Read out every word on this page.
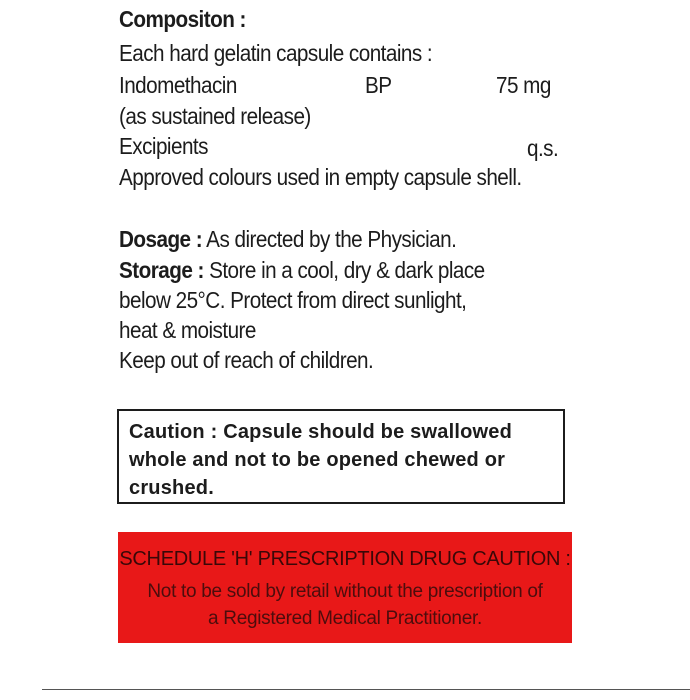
Compositon :

Each hard gelatin capsule contains :

Indomethacin	BP	75 mg

(as sustained release)

Excipients	q.s.

Approved colours used in empty capsule shell.

Dosage : As directed by the Physician.

Storage : Store in a cool, dry & dark place

below 25°C. Protect from direct sunlight,

heat & moisture

Keep out of reach of children.

Caution : Capsule should be swallowed
whole and not to be opened chewed or
crushed.

SCHEDULE 'H' PRESCRIPTION DRUG CAUTION :

Not to be sold by retail without the prescription of

a Registered Medical Practitioner.
